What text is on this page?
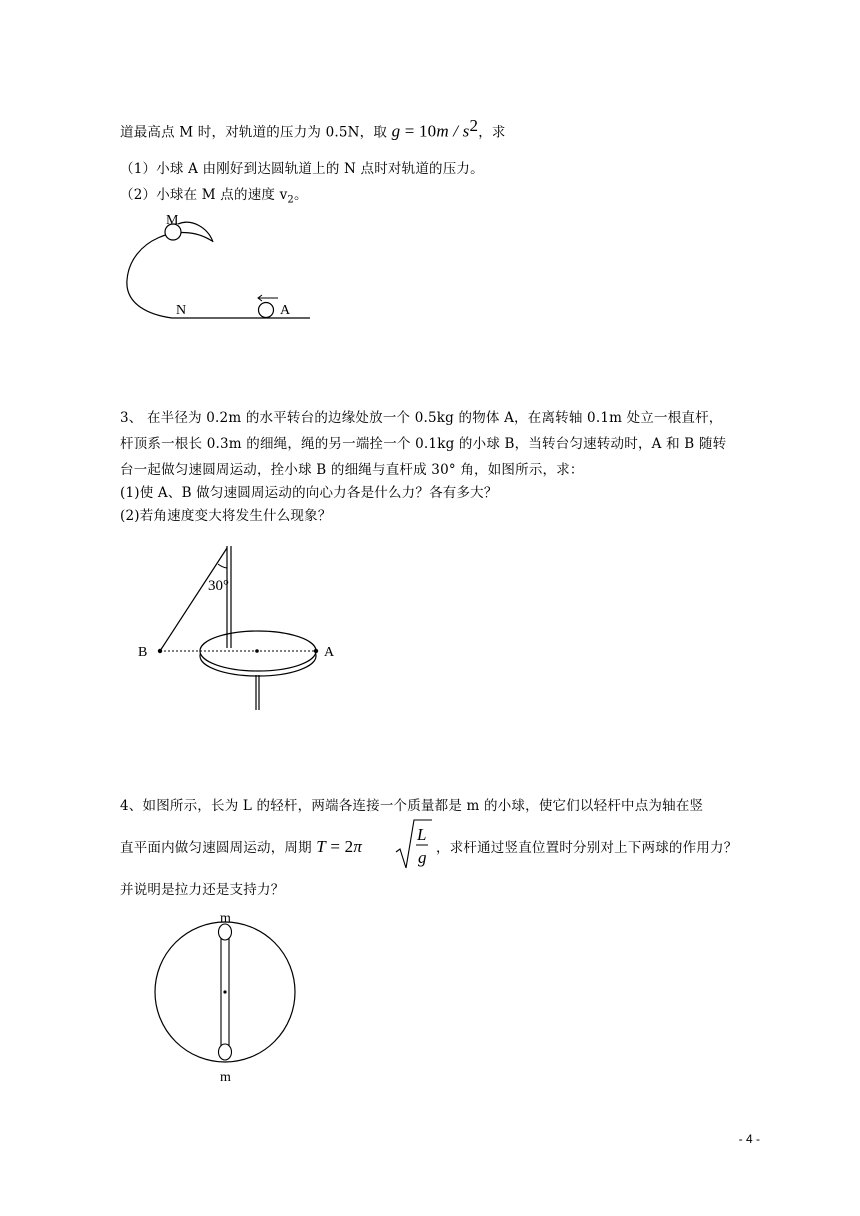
道最高点 M 时，对轨道的压力为 0.5N，取 $g = 10m / s^2$，求
（1）小球 A 由刚好到达圆轨道上的 N 点时对轨道的压力。
（2）小球在 M 点的速度 $v_2$。
M
N	A
3、 在半径为 0.2m 的水平转台的边缘处放一个 0.5kg 的物体 A，在离转轴 0.1m 处立一根直杆，
杆顶系一根长 0.3m 的细绳，绳的另一端拴一个 0.1kg 的小球 B，当转台匀速转动时，A 和 B 随转
台一起做匀速圆周运动，拴小球 B 的细绳与直杆成 30° 角，如图所示，求：
(1)使 A、B 做匀速圆周运动的向心力各是什么力？各有多大？
(2)若角速度变大将发生什么现象？
30°
B	A
4、如图所示，长为 L 的轻杆，两端各连接一个质量都是 m 的小球，使它们以轻杆中点为轴在竖
直平面内做匀速圆周运动，周期 T = 2π
L
g ，求杆通过竖直位置时分别对上下两球的作用力？
并说明是拉力还是支持力？
m
m
- 4 -
